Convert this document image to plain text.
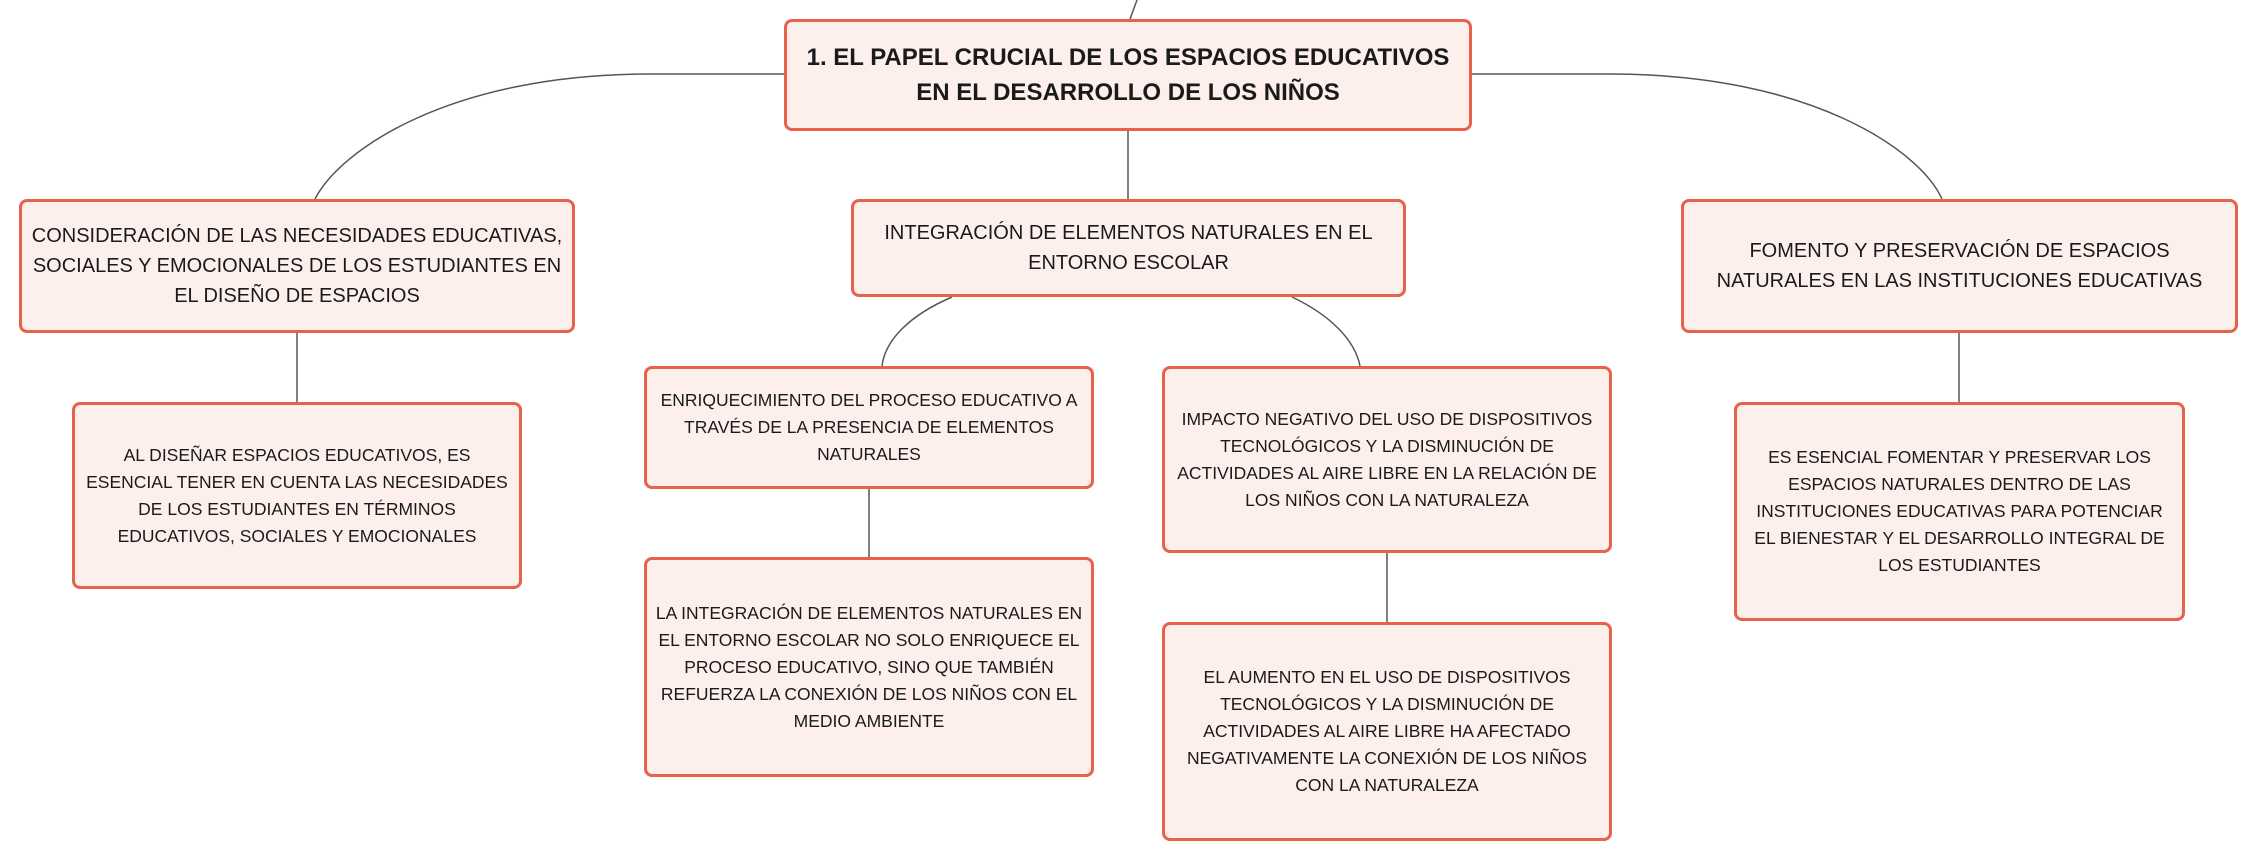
1. EL PAPEL CRUCIAL DE LOS ESPACIOS EDUCATIVOS EN EL DESARROLLO DE LOS NIÑOS
CONSIDERACIÓN DE LAS NECESIDADES EDUCATIVAS, SOCIALES Y EMOCIONALES DE LOS ESTUDIANTES EN EL DISEÑO DE ESPACIOS
INTEGRACIÓN DE ELEMENTOS NATURALES EN EL ENTORNO ESCOLAR
FOMENTO Y PRESERVACIÓN DE ESPACIOS NATURALES EN LAS INSTITUCIONES EDUCATIVAS
AL DISEÑAR ESPACIOS EDUCATIVOS, ES ESENCIAL TENER EN CUENTA LAS NECESIDADES DE LOS ESTUDIANTES EN TÉRMINOS EDUCATIVOS, SOCIALES Y EMOCIONALES
ENRIQUECIMIENTO DEL PROCESO EDUCATIVO A TRAVÉS DE LA PRESENCIA DE ELEMENTOS NATURALES
IMPACTO NEGATIVO DEL USO DE DISPOSITIVOS TECNOLÓGICOS Y LA DISMINUCIÓN DE ACTIVIDADES AL AIRE LIBRE EN LA RELACIÓN DE LOS NIÑOS CON LA NATURALEZA
LA INTEGRACIÓN DE ELEMENTOS NATURALES EN EL ENTORNO ESCOLAR NO SOLO ENRIQUECE EL PROCESO EDUCATIVO, SINO QUE TAMBIÉN REFUERZA LA CONEXIÓN DE LOS NIÑOS CON EL MEDIO AMBIENTE
EL AUMENTO EN EL USO DE DISPOSITIVOS TECNOLÓGICOS Y LA DISMINUCIÓN DE ACTIVIDADES AL AIRE LIBRE HA AFECTADO NEGATIVAMENTE LA CONEXIÓN DE LOS NIÑOS CON LA NATURALEZA
ES ESENCIAL FOMENTAR Y PRESERVAR LOS ESPACIOS NATURALES DENTRO DE LAS INSTITUCIONES EDUCATIVAS PARA POTENCIAR EL BIENESTAR Y EL DESARROLLO INTEGRAL DE LOS ESTUDIANTES
